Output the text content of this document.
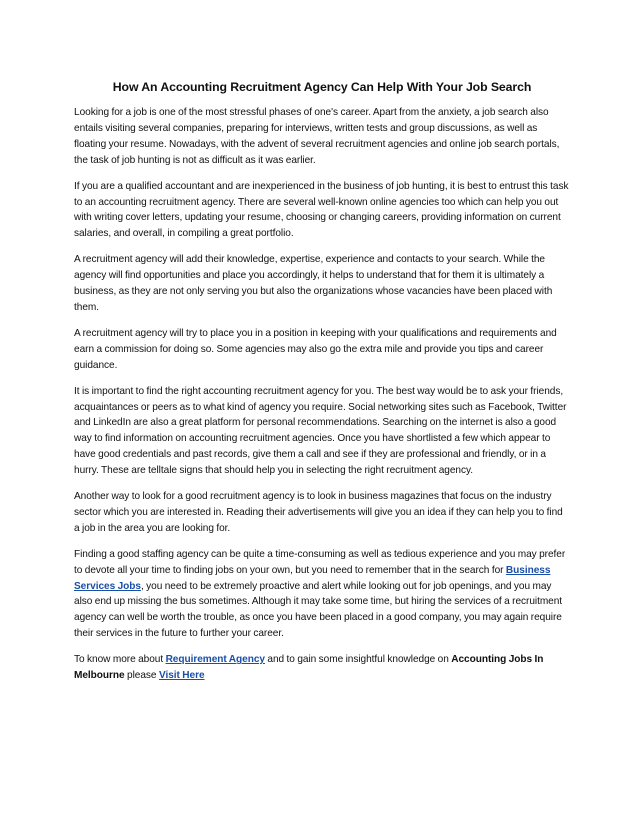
How An Accounting Recruitment Agency Can Help With Your Job Search

Looking for a job is one of the most stressful phases of one's career. Apart from the anxiety, a job search also entails visiting several companies, preparing for interviews, written tests and group discussions, as well as floating your resume. Nowadays, with the advent of several recruitment agencies and online job search portals, the task of job hunting is not as difficult as it was earlier.

If you are a qualified accountant and are inexperienced in the business of job hunting, it is best to entrust this task to an accounting recruitment agency. There are several well-known online agencies too which can help you out with writing cover letters, updating your resume, choosing or changing careers, providing information on current salaries, and overall, in compiling a great portfolio.

A recruitment agency will add their knowledge, expertise, experience and contacts to your search. While the agency will find opportunities and place you accordingly, it helps to understand that for them it is ultimately a business, as they are not only serving you but also the organizations whose vacancies have been placed with them.

A recruitment agency will try to place you in a position in keeping with your qualifications and requirements and earn a commission for doing so. Some agencies may also go the extra mile and provide you tips and career guidance.

It is important to find the right accounting recruitment agency for you. The best way would be to ask your friends, acquaintances or peers as to what kind of agency you require. Social networking sites such as Facebook, Twitter and LinkedIn are also a great platform for personal recommendations. Searching on the internet is also a good way to find information on accounting recruitment agencies. Once you have shortlisted a few which appear to have good credentials and past records, give them a call and see if they are professional and friendly, or in a hurry. These are telltale signs that should help you in selecting the right recruitment agency.

Another way to look for a good recruitment agency is to look in business magazines that focus on the industry sector which you are interested in. Reading their advertisements will give you an idea if they can help you to find a job in the area you are looking for.

Finding a good staffing agency can be quite a time-consuming as well as tedious experience and you may prefer to devote all your time to finding jobs on your own, but you need to remember that in the search for Business Services Jobs, you need to be extremely proactive and alert while looking out for job openings, and you may also end up missing the bus sometimes. Although it may take some time, but hiring the services of a recruitment agency can well be worth the trouble, as once you have been placed in a good company, you may again require their services in the future to further your career.

To know more about Requirement Agency and to gain some insightful knowledge on Accounting Jobs In Melbourne please Visit Here
